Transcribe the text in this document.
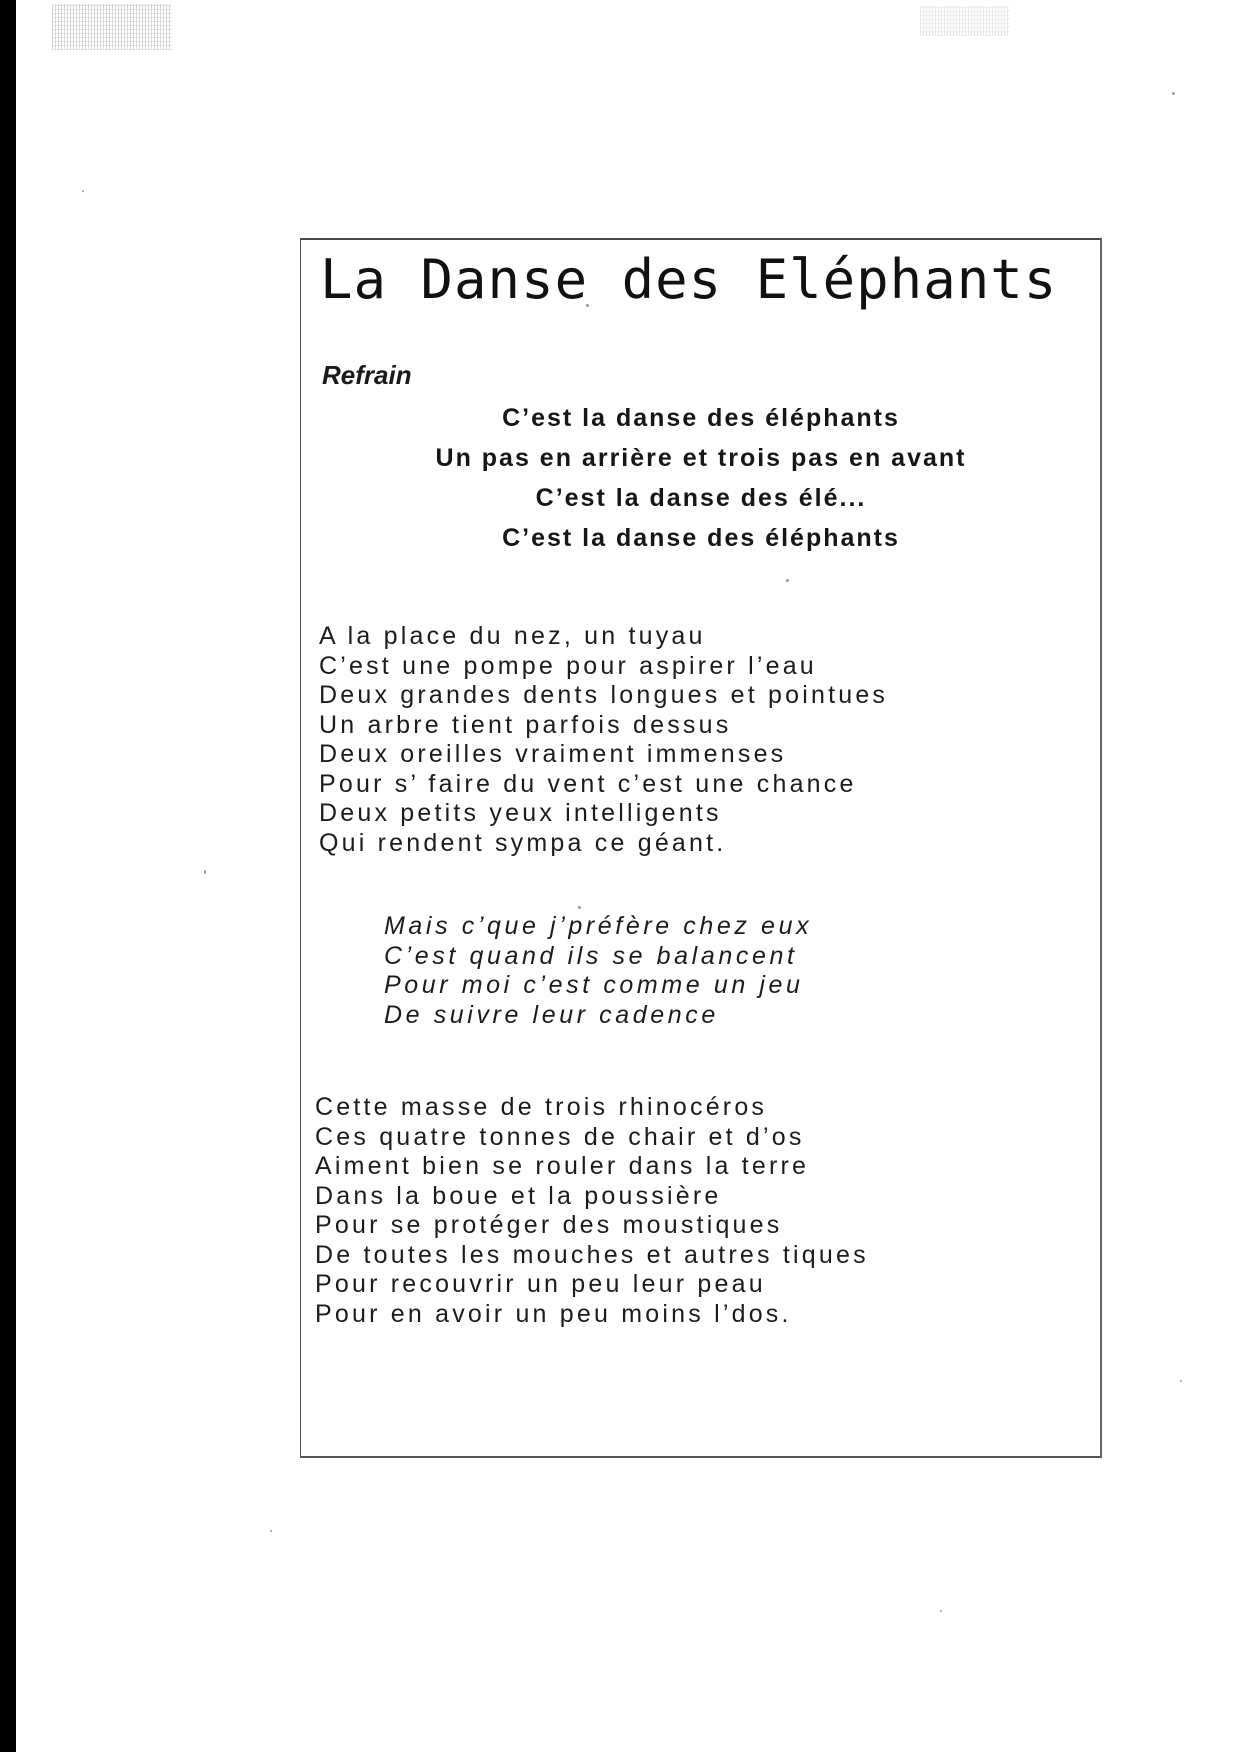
La Danse des Eléphants
Refrain
C’est la danse des éléphants
Un pas en arrière et trois pas en avant
C’est la danse des élé...
C’est la danse des éléphants
A la place du nez, un tuyau
C’est une pompe pour aspirer l’eau
Deux grandes dents longues et pointues
Un arbre tient parfois dessus
Deux oreilles vraiment immenses
Pour s’ faire du vent c’est une chance
Deux petits yeux intelligents
Qui rendent sympa ce géant.
Mais c’que j’préfère chez eux
C’est quand ils se balancent
Pour moi c’est comme un jeu
De suivre leur cadence
Cette masse de trois rhinocéros
Ces quatre tonnes de chair et d’os
Aiment bien se rouler dans la terre
Dans la boue et la poussière
Pour se protéger des moustiques
De toutes les mouches et autres tiques
Pour recouvrir un peu leur peau
Pour en avoir un peu moins l’dos.
